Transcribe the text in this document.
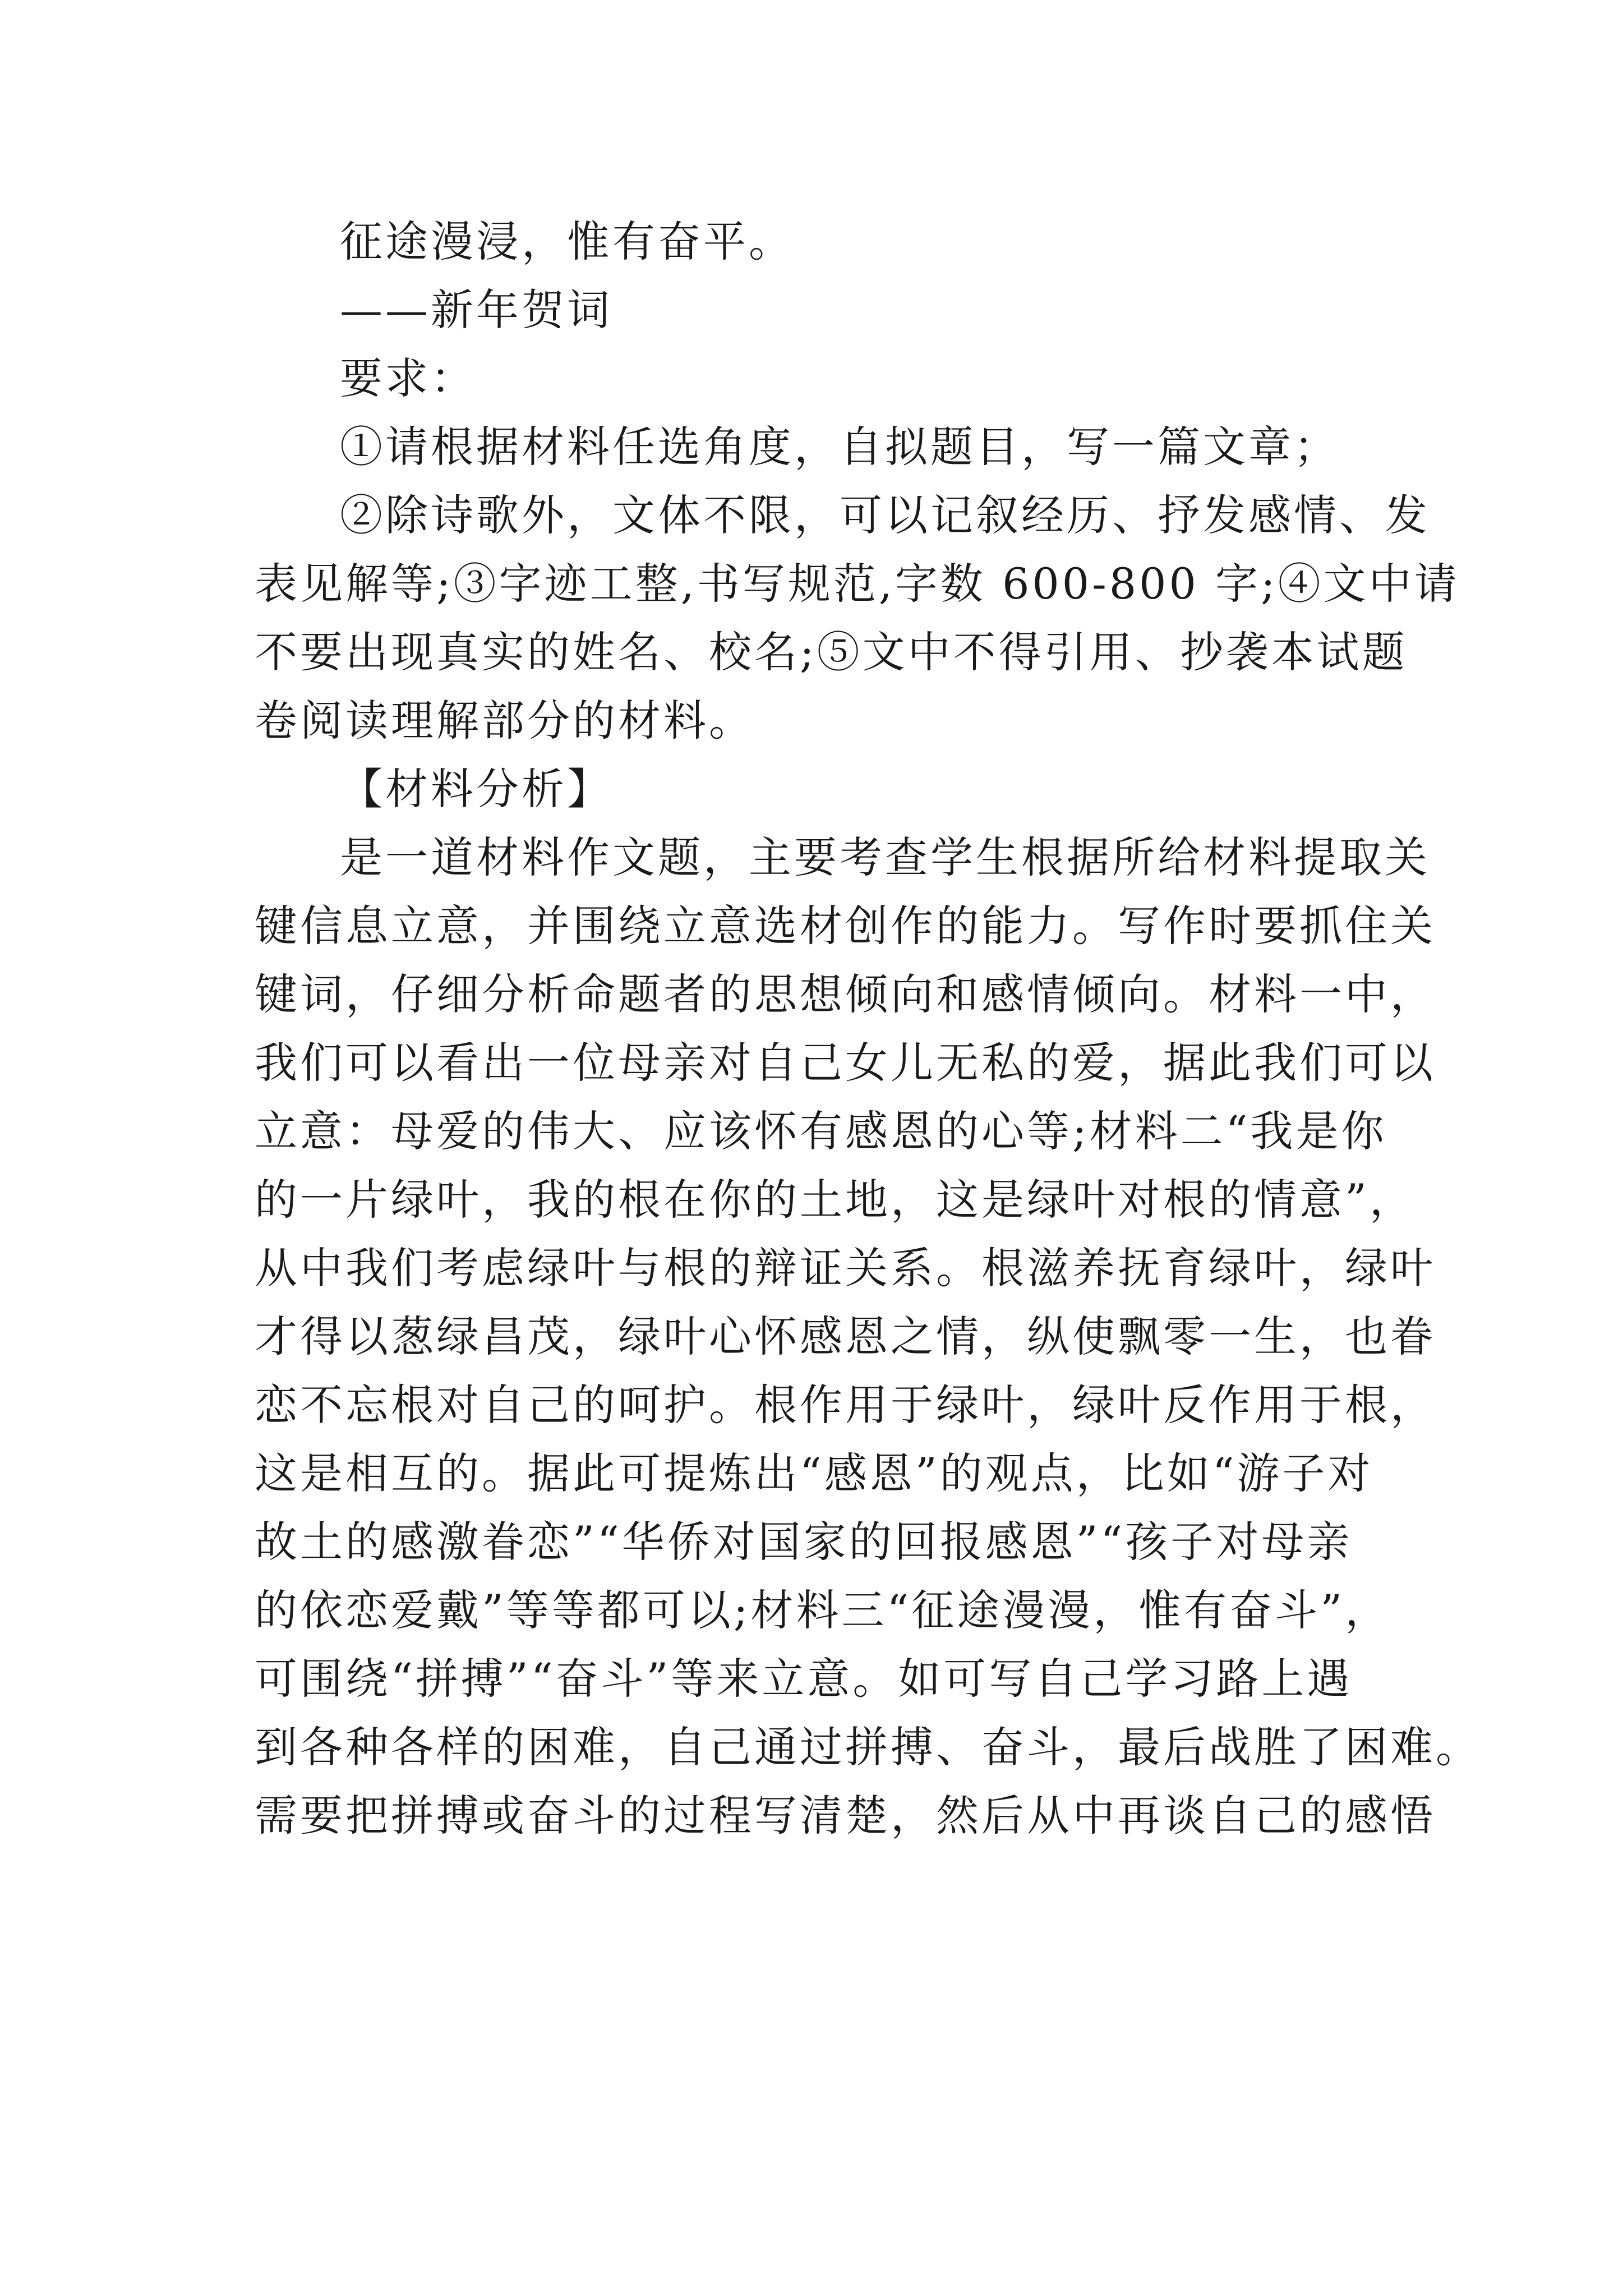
征途漫浸，惟有奋平。
——新年贺词
要求：
①请根据材料任选角度，自拟题目，写一篇文章；
②除诗歌外，文体不限，可以记叙经历、抒发感情、发
表见解等;③字迹工整,书写规范,字数 600-800 字;④文中请
不要出现真实的姓名、校名;⑤文中不得引用、抄袭本试题
卷阅读理解部分的材料。
【材料分析】
是一道材料作文题，主要考查学生根据所给材料提取关
键信息立意，并围绕立意选材创作的能力。写作时要抓住关
键词，仔细分析命题者的思想倾向和感情倾向。材料一中，
我们可以看出一位母亲对自己女儿无私的爱，据此我们可以
立意：母爱的伟大、应该怀有感恩的心等;材料二“我是你
的一片绿叶，我的根在你的土地，这是绿叶对根的情意”，
从中我们考虑绿叶与根的辩证关系。根滋养抚育绿叶，绿叶
才得以葱绿昌茂，绿叶心怀感恩之情，纵使飘零一生，也眷
恋不忘根对自己的呵护。根作用于绿叶，绿叶反作用于根，
这是相互的。据此可提炼出“感恩”的观点，比如“游子对
故土的感激眷恋”“华侨对国家的回报感恩”“孩子对母亲
的依恋爱戴”等等都可以;材料三“征途漫漫，惟有奋斗”，
可围绕“拼搏”“奋斗”等来立意。如可写自己学习路上遇
到各种各样的困难，自己通过拼搏、奋斗，最后战胜了困难。
需要把拼搏或奋斗的过程写清楚，然后从中再谈自己的感悟
